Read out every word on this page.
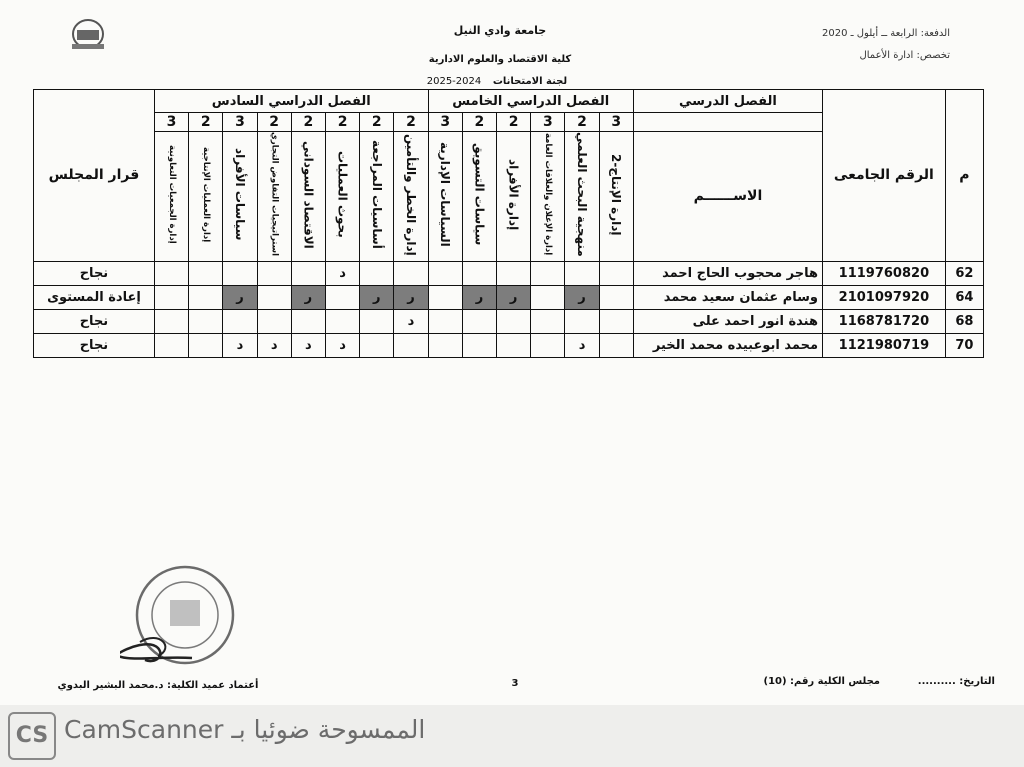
جامعة وادي النيل
كلية الاقتصاد والعلوم الادارية
لجنة الامتحانات
2025-2024
الدفعة: الرابعة ــ أيلول ـ 2020
تخصص: ادارة الأعمال
م	الرقم الجامعى	الفصل الدرسي	الفصل الدراسي الخامس						الفصل الدراسي السادس								قرار المجلس
			3	2	3	2	2	3	2	2	2	2	2	3	2	3	
		الاســــــم	إدارة الإنتاج-2	منهجية البحث العلمي	إدارة الإعلان والعلاقات العامة	إدارة الأفراد	سياسات التسويق	السياسات الإدارية	إدارة الخطر والتأمين	أساسيات المراجعة	بحوث العمليات	الاقتصاد السوداني	استراتيجيات التفاوض التجاري	سياسات الأفراد	إدارة العمليات الإنتاجية	إدارة الجمعيات التعاونية	
62	1119760820	هاجر محجوب الحاج احمد									د						نجاح
64	2101097920	وسام عثمان سعيد محمد		ر		ر	ر		ر	ر		ر		ر			إعادة المستوى
68	1168781720	هندة انور احمد على							د								نجاح
70	1121980719	محمد ابوعبيده محمد الخير		د							د	د	د	د			نجاح
التاريخ: ..........
مجلس الكلية رقم: (10)
3
أعتماد عميد الكلية: د.محمد البشير البدوي
CS الممسوحة ضوئيا بـ CamScanner
